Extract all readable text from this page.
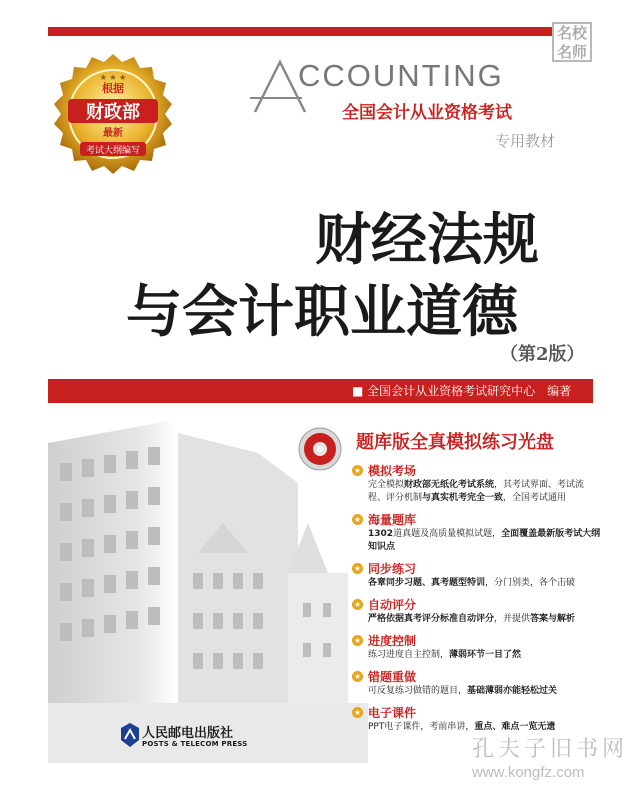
名校名师
★ ★ ★
根据
财政部
最新
考试大纲编写
CCOUNTING
全国会计从业资格考试
专用教材
财经法规
与会计职业道德
（第2版）
■ 全国会计从业资格考试研究中心　编著
题库版全真模拟练习光盘
★ 模拟考场
完全模拟财政部无纸化考试系统，其考试界面、考试流程、评分机制与真实机考完全一致，全国考试通用
★ 海量题库
1302道真题及高质量模拟试题，全面覆盖最新版考试大纲知识点
★ 同步练习
各章同步习题、真考题型特训，分门别类，各个击破
★ 自动评分
严格依据真考评分标准自动评分，并提供答案与解析
★ 进度控制
练习进度自主控制，薄弱环节一目了然
★ 错题重做
可反复练习做错的题目，基础薄弱亦能轻松过关
★ 电子课件
PPT电子课件，考前串讲，重点、难点一览无遗
人民邮电出版社
POSTS & TELECOM PRESS	孔夫子旧书网
www.kongfz.com
